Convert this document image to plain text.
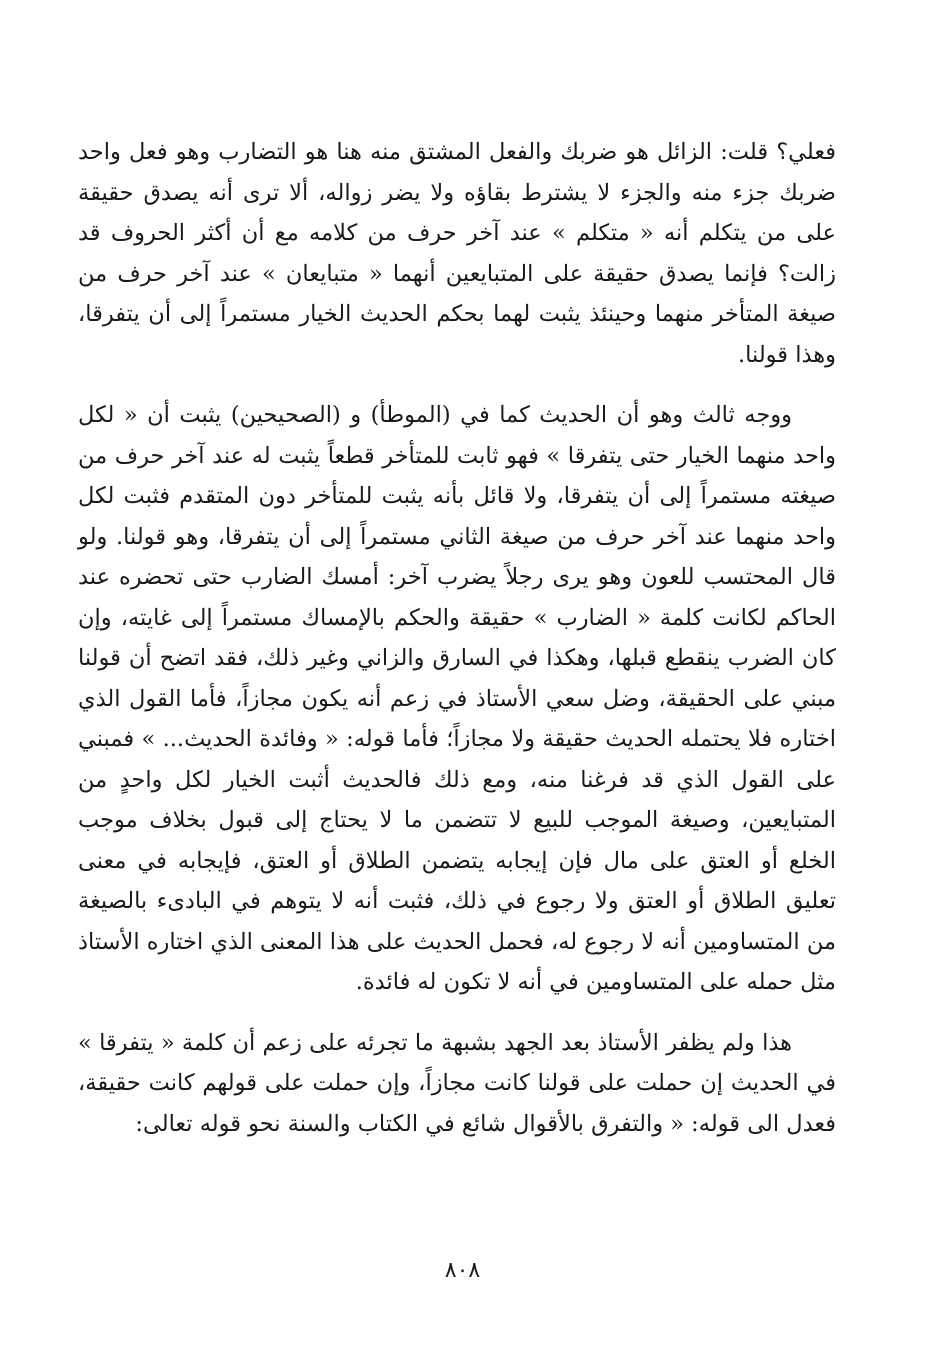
فعلي؟ قلت: الزائل هو ضربك والفعل المشتق منه هنا هو التضارب وهو فعل واحد ضربك جزء منه والجزء لا يشترط بقاؤه ولا يضر زواله، ألا ترى أنه يصدق حقيقة على من يتكلم أنه « متكلم » عند آخر حرف من كلامه مع أن أكثر الحروف قد زالت؟ فإنما يصدق حقيقة على المتبايعين أنهما « متبايعان » عند آخر حرف من صيغة المتأخر منهما وحينئذ يثبت لهما بحكم الحديث الخيار مستمراً إلى أن يتفرقا، وهذا قولنا.

ووجه ثالث وهو أن الحديث كما في (الموطأ) و (الصحيحين) يثبت أن « لكل واحد منهما الخيار حتى يتفرقا » فهو ثابت للمتأخر قطعاً يثبت له عند آخر حرف من صيغته مستمراً إلى أن يتفرقا، ولا قائل بأنه يثبت للمتأخر دون المتقدم فثبت لكل واحد منهما عند آخر حرف من صيغة الثاني مستمراً إلى أن يتفرقا، وهو قولنا. ولو قال المحتسب للعون وهو يرى رجلاً يضرب آخر: أمسك الضارب حتى تحضره عند الحاكم لكانت كلمة « الضارب » حقيقة والحكم بالإمساك مستمراً إلى غايته، وإن كان الضرب ينقطع قبلها، وهكذا في السارق والزاني وغير ذلك، فقد اتضح أن قولنا مبني على الحقيقة، وضل سعي الأستاذ في زعم أنه يكون مجازاً، فأما القول الذي اختاره فلا يحتمله الحديث حقيقة ولا مجازاً؛ فأما قوله: « وفائدة الحديث... » فمبني على القول الذي قد فرغنا منه، ومع ذلك فالحديث أثبت الخيار لكل واحدٍ من المتبايعين، وصيغة الموجب للبيع لا تتضمن ما لا يحتاج إلى قبول بخلاف موجب الخلع أو العتق على مال فإن إيجابه يتضمن الطلاق أو العتق، فإيجابه في معنى تعليق الطلاق أو العتق ولا رجوع في ذلك، فثبت أنه لا يتوهم في البادىء بالصيغة من المتساومين أنه لا رجوع له، فحمل الحديث على هذا المعنى الذي اختاره الأستاذ مثل حمله على المتساومين في أنه لا تكون له فائدة.

هذا ولم يظفر الأستاذ بعد الجهد بشبهة ما تجرئه على زعم أن كلمة « يتفرقا » في الحديث إن حملت على قولنا كانت مجازاً، وإن حملت على قولهم كانت حقيقة، فعدل الى قوله: « والتفرق بالأقوال شائع في الكتاب والسنة نحو قوله تعالى:

٨٠٨
